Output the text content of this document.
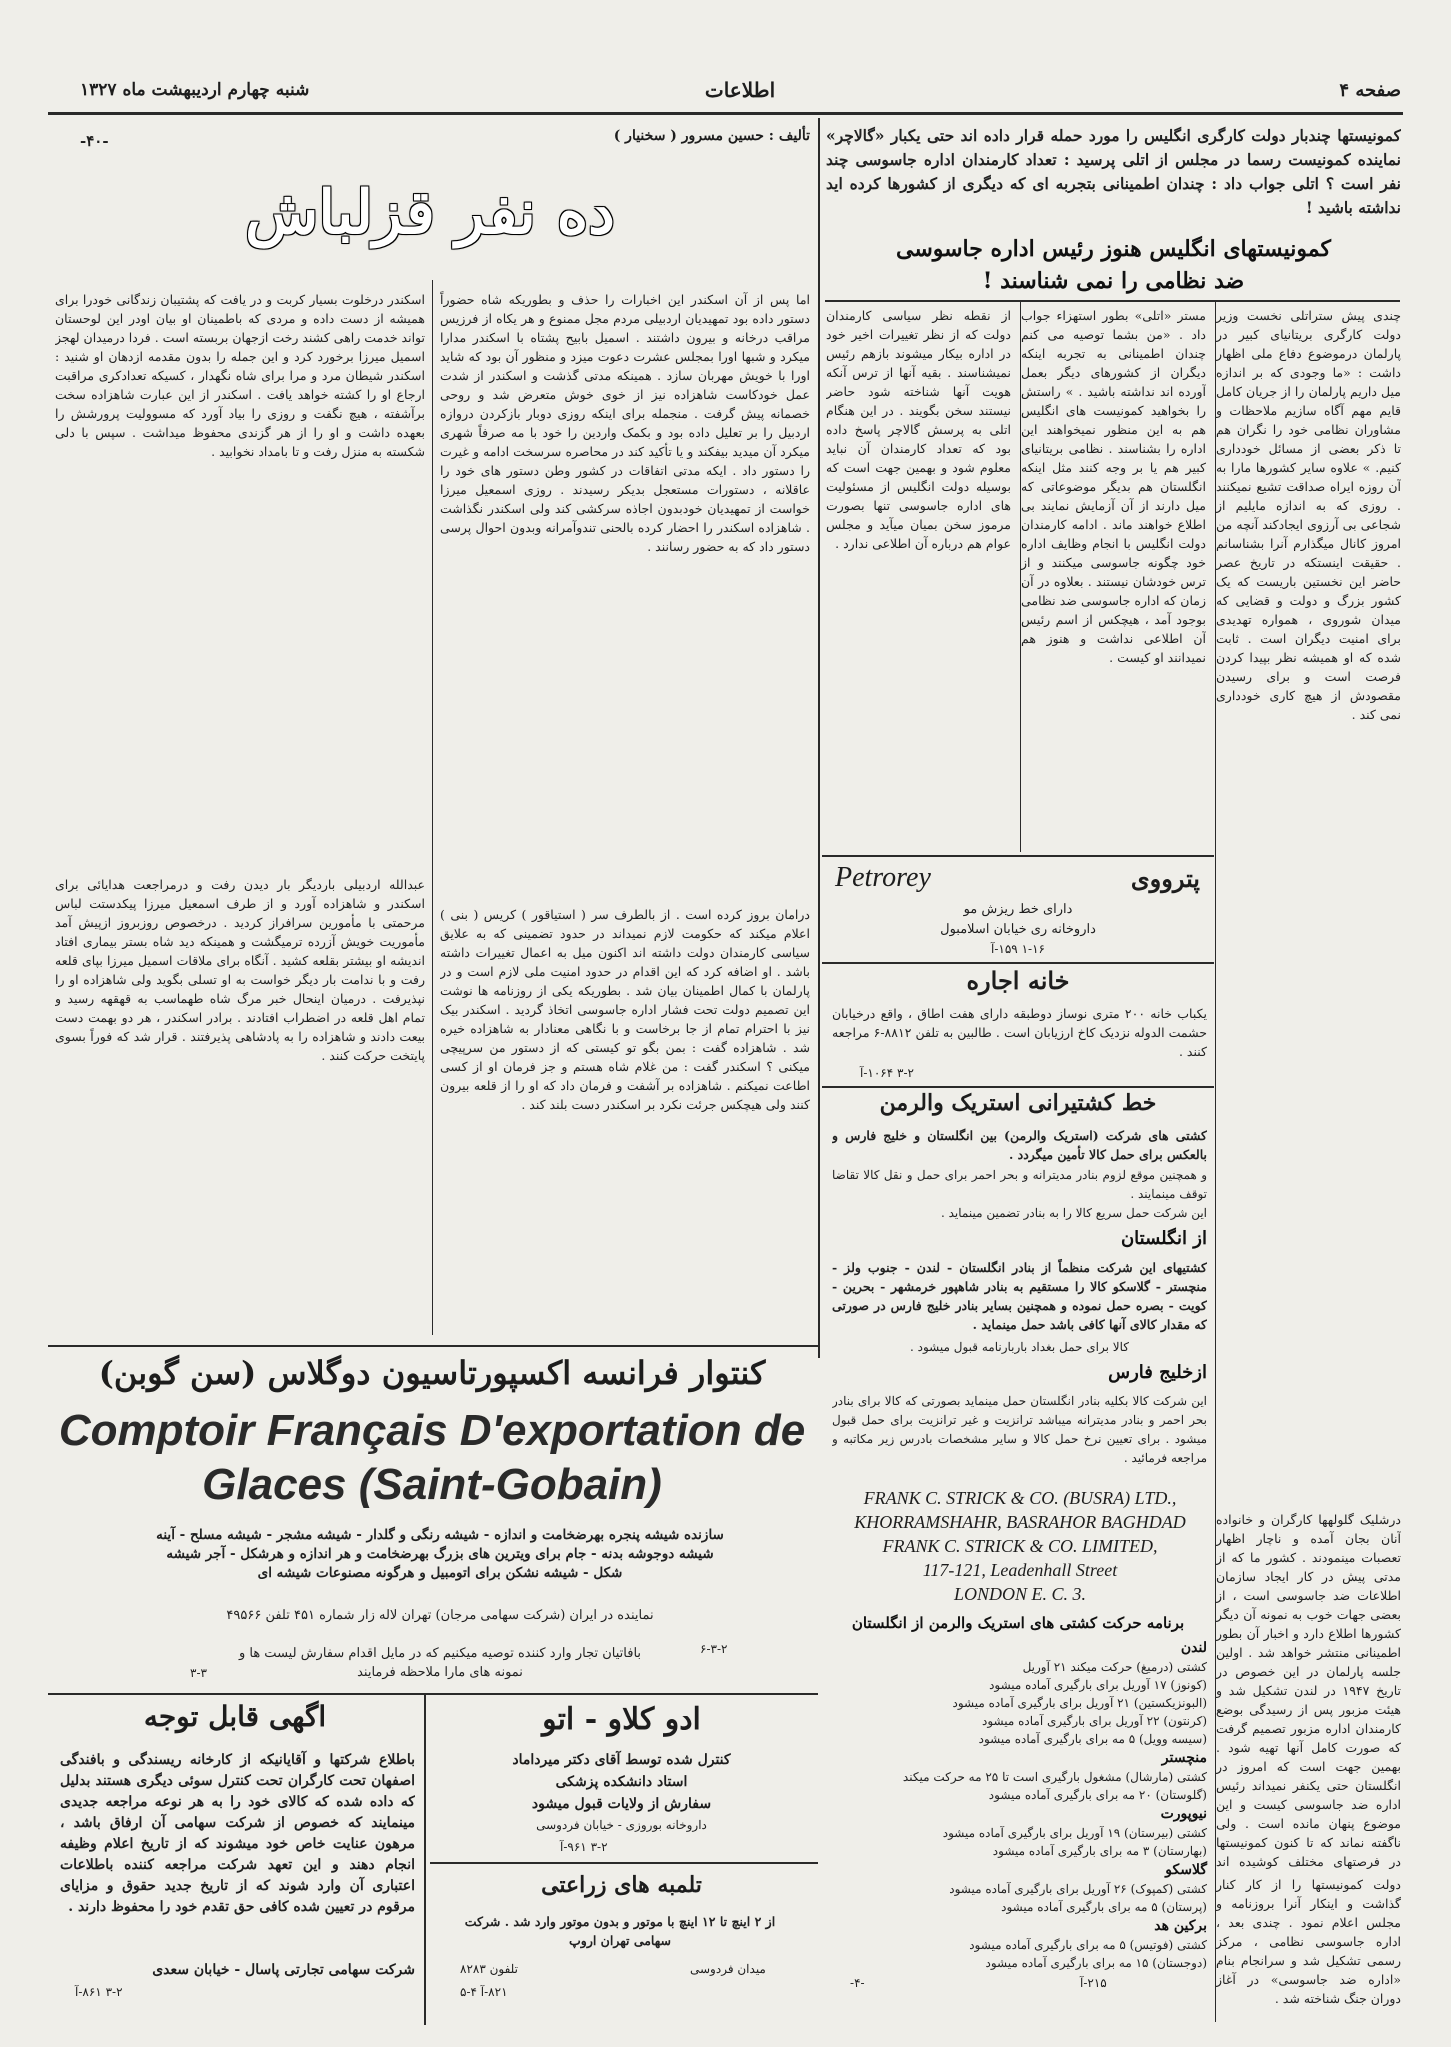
صفحه ۴
اطلاعات
شنبه چهارم اردیبهشت ماه ۱۳۲۷
کمونیستها چندبار دولت کارگری انگلیس را مورد حمله قرار داده اند حتی یکبار «گالاچر» نماینده کمونیست رسما در مجلس از اتلی پرسید : تعداد کارمندان اداره جاسوسی چند نفر است ؟ اتلی جواب داد : چندان اطمینانی بتجربه ای که دیگری از کشورها کرده اید نداشته باشید !
کمونیستهای انگلیس هنوز رئیس اداره جاسوسی
ضد نظامی را نمی شناسند !
چندی پیش ستراتلی نخست وزیر دولت کارگری بریتانیای کبیر در پارلمان درموضوع دفاع ملی اظهار داشت : «ما وجودی که بر اندازه میل داریم پارلمان را از جریان کامل قایم مهم آگاه سازیم ملاحظات و مشاوران نظامی خود را نگران هم تا ذکر بعضی از مسائل خودداری کنیم. » علاوه سایر کشورها مارا به آن روزه ایراه صداقت تشیع نمیکنند . روزی که به اندازه مایلیم از شجاعی بی آرزوی ایجادکند آنچه من امروز کانال میگذارم آنرا بشناسانم . حقیقت اینستکه در تاریخ عصر حاضر این نخستین باریست که یک کشور بزرگ و دولت و قضایی که میدان شوروی ، همواره تهدیدی برای امنیت دیگران است . ثابت شده که او همیشه نظر بپیدا کردن فرصت است و برای رسیدن مقصودش از هیچ کاری خودداری نمی کند .
مستر «اتلی» بطور استهزاء جواب داد . «من بشما توصیه می کنم چندان اطمینانی به تجربه اینکه دیگران از کشورهای دیگر بعمل آورده اند نداشته باشید . » راستش را بخواهید کمونیست های انگلیس هم به این منظور نمیخواهند این اداره را بشناسند . نظامی بریتانیای کبیر هم یا بر وجه کنند مثل اینکه انگلستان هم بدیگر موضوعاتی که میل دارند از آن آزمایش نمایند بی اطلاع خواهند ماند . ادامه کارمندان دولت انگلیس با انجام وظایف اداره خود چگونه جاسوسی میکنند و از ترس خودشان نیستند . بعلاوه در آن زمان که اداره جاسوسی ضد نظامی بوجود آمد ، هیچکس از اسم رئیس آن اطلاعی نداشت و هنوز هم نمیدانند او کیست .
از نقطه نظر سیاسی کارمندان دولت که از نظر تغییرات اخیر خود در اداره بیکار میشوند بازهم رئیس نمیشناسند . بقیه آنها از ترس آنکه هویت آنها شناخته شود حاضر نیستند سخن بگویند . در این هنگام اتلی به پرسش گالاچر پاسخ داده بود که تعداد کارمندان آن نباید معلوم شود و بهمین جهت است که بوسیله دولت انگلیس از مسئولیت های اداره جاسوسی تنها بصورت مرموز سخن بمیان میآید و مجلس عوام هم درباره آن اطلاعی ندارد .
درشلیک گلولهها کارگران و خانواده آنان بجان آمده و ناچار اظهار تعصبات مینمودند . کشور ما که از مدتی پیش در کار ایجاد سازمان اطلاعات ضد جاسوسی است ، از بعضی جهات خوب به نمونه آن دیگر کشورها اطلاع دارد و اخبار آن بطور اطمینانی منتشر خواهد شد . اولین جلسه پارلمان در این خصوص در تاریخ ۱۹۴۷ در لندن تشکیل شد و هیئت مزبور پس از رسیدگی بوضع کارمندان اداره مزبور تصمیم گرفت که صورت کامل آنها تهیه شود . بهمین جهت است که امروز در انگلستان حتی یکنفر نمیداند رئیس اداره ضد جاسوسی کیست و این موضوع پنهان مانده است . ولی ناگفته نماند که تا کنون کمونیستها در فرصتهای مختلف کوشیده اند
دولت کمونیستها را از کار کنار گذاشت و اینکار آنرا بروزنامه و مجلس اعلام نمود . چندی بعد ، اداره جاسوسی نظامی ، مرکز رسمی تشکیل شد و سرانجام بنام «اداره ضد جاسوسی» در آغاز دوران جنگ شناخته شد .
تألیف : حسین مسرور ( سخنیار )
-۴۰-
ده نفر قزلباش
اما پس از آن اسکندر این اخبارات را حذف و بطوریکه شاه حضوراً دستور داده بود تمهیدیان اردبیلی مردم مجل ممنوع و هر یکاه از فرزیس مراقب درخانه و بیرون داشتند . اسمیل بابیح پشتاه با اسکندر مدارا میکرد و شبها اورا بمجلس عشرت دعوت میزد و منظور آن بود که شاید اورا با خویش مهربان سازد . همینکه مدتی گذشت و اسکندر از شدت عمل خودکاست شاهزاده نیز از خوی خوش متعرض شد و روحی خصمانه پیش گرفت . منجمله برای اینکه روزی دوبار بازکردن دروازه اردبیل را بر تعلیل داده بود و بکمک واردین را خود با مه صرفاً شهری میکرد آن میدید بیفکند و یا تأکید کند در محاصره سرسخت ادامه و غیرت را دستور داد . ایکه مدتی اتفاقات در کشور وطن دستور های خود را عاقلانه ، دستورات مستعجل بدیکر رسیدند . روزی اسمعیل میرزا خواست از تمهیدیان خودبدون اجاذه سرکشی کند ولی اسکندر نگذاشت . شاهزاده اسکندر را احضار کرده بالحنی تندوآمرانه وبدون احوال پرسی دستور داد که به حضور رسانند .
درامان بروز کرده است . از بالطرف سر ( استیاقور ) کریس ( بنی ) اعلام میکند که حکومت لازم نمیداند در حدود تضمینی که به علایق سیاسی کارمندان دولت داشته اند اکنون میل به اعمال تغییرات داشته باشد . او اضافه کرد که این اقدام در حدود امنیت ملی لازم است و در پارلمان با کمال اطمینان بیان شد . بطوریکه یکی از روزنامه ها نوشت این تصمیم دولت تحت فشار اداره جاسوسی اتخاذ گردید . اسکندر بیک نیز با احترام تمام از جا برخاست و با نگاهی معنادار به شاهزاده خیره شد . شاهزاده گفت : بمن بگو تو کیستی که از دستور من سرپیچی میکنی ؟ اسکندر گفت : من غلام شاه هستم و جز فرمان او از کسی اطاعت نمیکنم . شاهزاده بر آشفت و فرمان داد که او را از قلعه بیرون کنند ولی هیچکس جرئت نکرد بر اسکندر دست بلند کند .
اسکندر درخلوت بسیار کربت و در یافت که پشتیبان زندگانی خودرا برای همیشه از دست داده و مردی که باطمینان او بیان اودر این لوحستان تواند خدمت راهی کشند رخت ازجهان بربسته است . فردا درمیدان لهجز اسمیل میرزا برخورد کرد و این جمله را بدون مقدمه ازدهان او شنید : اسکندر شیطان مرد و مرا برای شاه نگهدار ، کسیکه تعدادکری مراقبت ارجاع او را کشته خواهد یافت . اسکندر از این عبارت شاهزاده سخت برآشفته ، هیچ نگفت و روزی را بیاد آورد که مسوولیت پرورشش را بعهده داشت و او را از هر گزندی محفوظ میداشت . سپس با دلی شکسته به منزل رفت و تا بامداد نخوابید .
عبدالله اردبیلی باردیگر بار دیدن رفت و درمراجعت هدایائی برای اسکندر و شاهزاده آورد و از طرف اسمعیل میرزا پیکدستت لباس مرحمتی با مأمورین سرافراز کردید . درخصوص روزبروز ازپیش آمد مأموریت خویش آزرده ترمیگشت و همینکه دید شاه بستر بیماری افتاد اندیشه او بیشتر بقلعه کشید . آنگاه برای ملاقات اسمیل میرزا بپای قلعه رفت و با ندامت بار دیگر خواست به او تسلی بگوید ولی شاهزاده او را نپذیرفت . درمیان اینحال خبر مرگ شاه طهماسب به قهقهه رسید و تمام اهل قلعه در اضطراب افتادند . برادر اسکندر ، هر دو بهمت دست بیعت دادند و شاهزاده را به پادشاهی پذیرفتند . قرار شد که فوراً بسوی پایتخت حرکت کنند .
کنتوار فرانسه اکسپورتاسیون دوگلاس (سن گوبن)
Comptoir Français D'exportation de
Glaces (Saint-Gobain)
سازنده شیشه پنجره بهرضخامت و اندازه - شیشه رنگی و گلدار - شیشه مشجر - شیشه مسلح - آینه شیشه دوجوشه بدنه - جام برای ویترین های بزرگ بهرضخامت و هر اندازه و هرشکل - آجر شیشه شکل - شیشه نشکن برای اتومبیل و هرگونه مصنوعات شیشه ای
نماینده در ایران (شرکت سهامی مرجان) تهران لاله زار شماره ۴۵۱ تلفن ۴۹۵۶۶
بافاتیان تجار وارد کننده توصیه میکنیم که در مایل اقدام سفارش لیست ها و نمونه های مارا ملاحظه فرمایند
۶-۳-۲
۳-۳
اگهی قابل توجه
باطلاع شرکتها و آقایانیکه از کارخانه ریسندگی و بافندگی اصفهان تحت کارگران تحت کنترل سوئی دیگری هستند بدلیل که داده شده که کالای خود را به هر نوعه مراجعه جدیدی مینمایند که خصوص از شرکت سهامی آن ارفاق باشد ، مرهون عنایت خاص خود میشوند که از تاریخ اعلام وظیفه انجام دهند و این تعهد شرکت مراجعه کننده باطلاعات اعتباری آن وارد شوند که از تاریخ جدید حقوق و مزایای مرقوم در تعیین شده کافی حق تقدم خود را محفوظ دارند .
شرکت سهامی تجارتی پاسال - خیابان سعدی
۳-۲ ۸۶۱-آ
ادو کلاو - اتو
کنترل شده توسط آقای دکتر میرداماد
استاد دانشکده پزشکی
سفارش از ولایات قبول میشود
داروخانه بوروزی - خیابان فردوسی
۳-۲ ۹۶۱-آ
تلمبه های زراعتی
از ۲ اینچ تا ۱۲ اینچ با موتور و بدون موتور وارد شد . شرکت سهامی تهران اروپ
میدان فردوسی
تلفون ۸۲۸۳
۸۲۱-آ ۴-۵
Petrorey	پترووی
دارای خط ریزش مو
داروخانه ری خیابان اسلامبول
۱-۱۶ ۱۵۹-آ
خانه اجاره
یکباب خانه ۲۰۰ متری نوساز دوطبقه دارای هفت اطاق ، واقع درخیابان حشمت الدوله نزدیک کاخ ارزیابان است . طالبین به تلفن ۸۸۱۲-۶ مراجعه کنند .
۳-۲ ۱۰۶۴-آ
خط کشتیرانی استریک والرمن
کشتی های شرکت (استریک والرمن) بین انگلستان و خلیج فارس و بالعکس برای حمل کالا تأمین میگردد .
و همچنین موقع لزوم بنادر مدیترانه و بحر احمر برای حمل و نقل کالا تقاضا توقف مینمایند .
این شرکت حمل سریع کالا را به بنادر تضمین مینماید .
از انگلستان
کشتیهای این شرکت منظماً از بنادر انگلستان - لندن - جنوب ولز - منچستر - گلاسکو کالا را مستقیم به بنادر شاهپور خرمشهر - بحرین - کویت - بصره حمل نموده و همچنین بسایر بنادر خلیج فارس در صورتی که مقدار کالای آنها کافی باشد حمل مینماید .
کالا برای حمل بغداد باربارنامه قبول میشود .
ازخلیج فارس
این شرکت کالا بکلیه بنادر انگلستان حمل مینماید بصورتی که کالا برای بنادر بحر احمر و بنادر مدیترانه میباشد ترانزیت و غیر ترانزیت برای حمل قبول میشود . برای تعیین نرخ حمل کالا و سایر مشخصات بادرس زیر مکاتبه و مراجعه فرمائید .
FRANK C. STRICK & CO. (BUSRA) LTD.,
KHORRAMSHAHR, BASRAHOR BAGHDAD
FRANK C. STRICK & CO. LIMITED,
117-121, Leadenhall Street
LONDON E. C. 3.
برنامه حرکت کشتی های استریک والرمن از انگلستان
لندن
کشتی (درمیغ) حرکت میکند ۲۱ آوریل
(کونوز) ۱۷ آوریل برای بارگیری آماده میشود
(البونزیکستین) ۲۱ آوریل برای بارگیری آماده میشود
(کرنتون) ۲۲ آوریل برای بارگیری آماده میشود
(سیسه وویل) ۵ مه برای بارگیری آماده میشود
منچستر
کشتی (مارشال) مشغول بارگیری است تا ۲۵ مه حرکت میکند
(گلوستان) ۲۰ مه برای بارگیری آماده میشود
نیوپورت
کشتی (بیرستان) ۱۹ آوریل برای بارگیری آماده میشود
(بهارستان) ۳ مه برای بارگیری آماده میشود
گلاسکو
کشتی (کمپوک) ۲۶ آوریل برای بارگیری آماده میشود
(پرستان) ۵ مه برای بارگیری آماده میشود
برکین هد
کشتی (فوتیس) ۵ مه برای بارگیری آماده میشود
(دوجستان) ۱۵ مه برای بارگیری آماده میشود
۲۱۵-آ
-۴-
